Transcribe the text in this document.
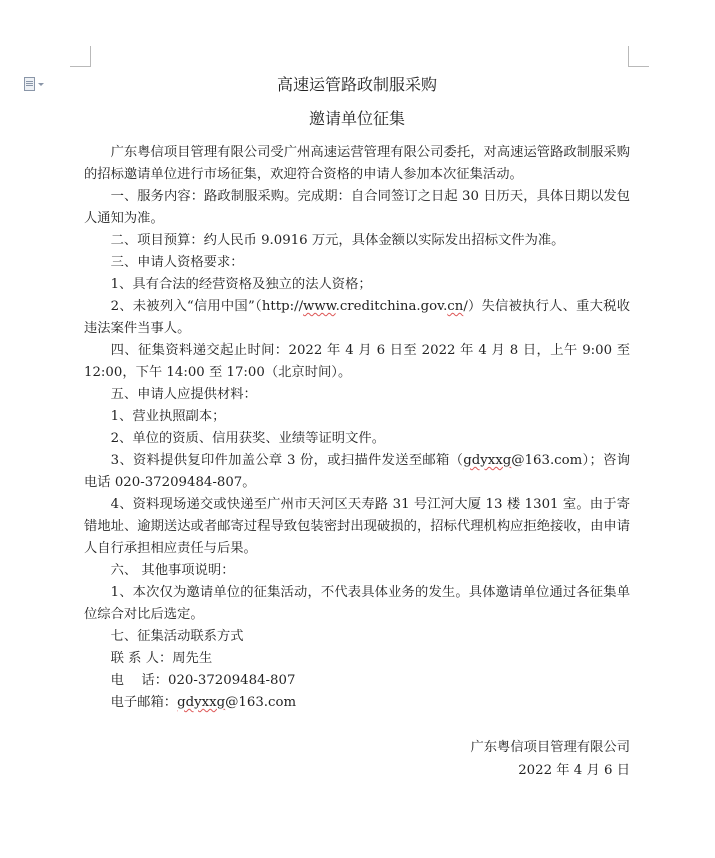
高速运管路政制服采购

邀请单位征集

广东粤信项目管理有限公司受广州高速运营管理有限公司委托，对高速运管路政制服采购的招标邀请单位进行市场征集，欢迎符合资格的申请人参加本次征集活动。

一、服务内容：路政制服采购。完成期：自合同签订之日起 30 日历天，具体日期以发包人通知为准。

二、项目预算：约人民币 9.0916 万元，具体金额以实际发出招标文件为准。

三、申请人资格要求：

1、具有合法的经营资格及独立的法人资格；

2、未被列入“信用中国”（http://www.creditchina.gov.cn/）失信被执行人、重大税收违法案件当事人。

四、征集资料递交起止时间：2022 年 4 月 6 日至 2022 年 4 月 8 日，上午 9:00 至 12:00，下午 14:00 至 17:00（北京时间）。

五、申请人应提供材料：

1、营业执照副本；

2、单位的资质、信用获奖、业绩等证明文件。

3、资料提供复印件加盖公章 3 份，或扫描件发送至邮箱（gdyxxg@163.com）；咨询电话 020-37209484-807。

4、资料现场递交或快递至广州市天河区天寿路 31 号江河大厦 13 楼 1301 室。由于寄错地址、逾期送达或者邮寄过程导致包装密封出现破损的，招标代理机构应拒绝接收，由申请人自行承担相应责任与后果。

六、 其他事项说明：

1、本次仅为邀请单位的征集活动，不代表具体业务的发生。具体邀请单位通过各征集单位综合对比后选定。

七、征集活动联系方式

联 系 人：周先生

电　 话：020-37209484-807

电子邮箱：gdyxxg@163.com

广东粤信项目管理有限公司
2022 年 4 月 6 日
